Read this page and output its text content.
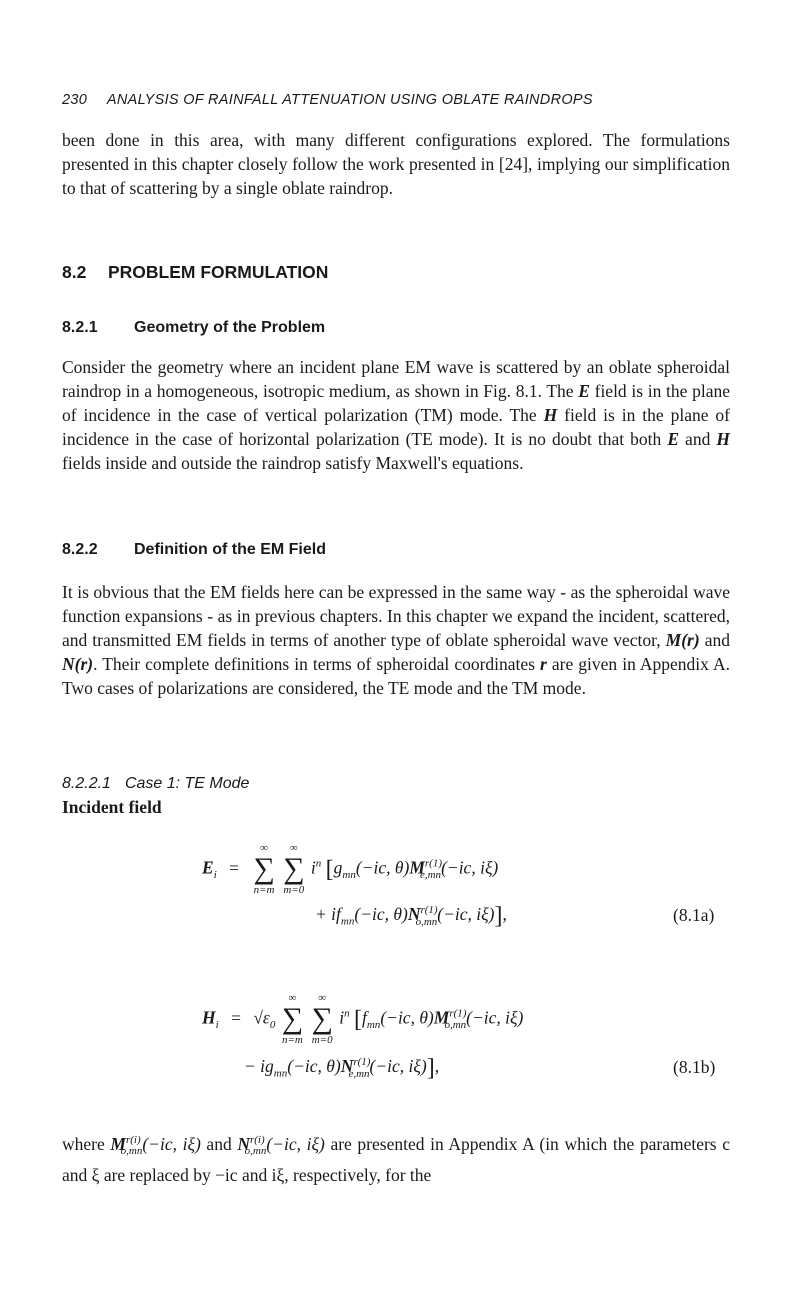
230 ANALYSIS OF RAINFALL ATTENUATION USING OBLATE RAINDROPS
been done in this area, with many different configurations explored. The formulations presented in this chapter closely follow the work presented in [24], implying our simplification to that of scattering by a single oblate raindrop.
8.2 PROBLEM FORMULATION
8.2.1 Geometry of the Problem
Consider the geometry where an incident plane EM wave is scattered by an oblate spheroidal raindrop in a homogeneous, isotropic medium, as shown in Fig. 8.1. The E field is in the plane of incidence in the case of vertical polarization (TM) mode. The H field is in the plane of incidence in the case of horizontal polarization (TE mode). It is no doubt that both E and H fields inside and outside the raindrop satisfy Maxwell's equations.
8.2.2 Definition of the EM Field
It is obvious that the EM fields here can be expressed in the same way - as the spheroidal wave function expansions - as in previous chapters. In this chapter we expand the incident, scattered, and transmitted EM fields in terms of another type of oblate spheroidal wave vector, M(r) and N(r). Their complete definitions in terms of spheroidal coordinates r are given in Appendix A. Two cases of polarizations are considered, the TE mode and the TM mode.
8.2.2.1 Case 1: TE Mode
Incident field
$E_i$ =
∞
∑
n=m

∞
∑
m=0
$i^n$ [$g_{mn}(-ic$, $\theta)M^{r(1)}_{e,mn}(-ic$, iξ)
+ $if_{mn}(-ic$, $\theta)N^{r(1)}_{o,mn}(-ic$, iξ)],	(8.1a)
$H_i = √\varepsilon_0$
∞
∑
n=m

∞
∑
m=0
$i^n$ [$f_{mn}(-ic$, $\theta)M^{r(1)}_{o,mn}(-ic$, iξ)
− $ig_{mn}(-ic$, $\theta)N^{r(1)}_{e,mn}(-ic$, iξ)],	(8.1b)
where $M^{r(i)}_{o,mn}(-ic$, iξ) and $N^{r(i)}_{o,mn}(-ic$, iξ) are presented in Appendix A (in which the parameters c and ξ are replaced by −ic and iξ, respectively, for the
